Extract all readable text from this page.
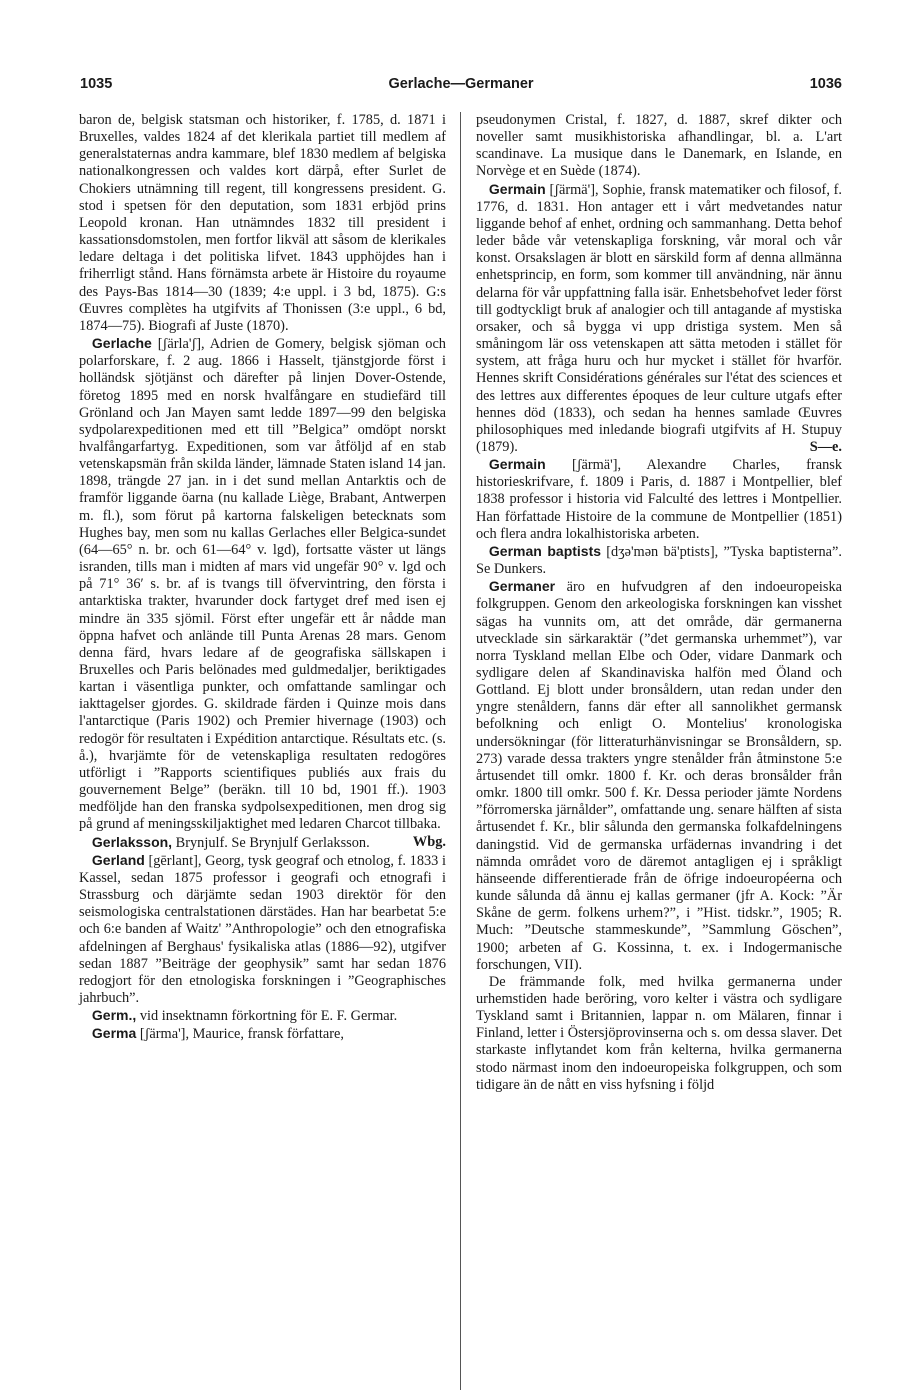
1035	Gerlache—Germaner	1036

baron de, belgisk statsman och historiker, f. 1785, d. 1871 i Bruxelles, valdes 1824 af det klerikala partiet till medlem af generalstaternas andra kammare, blef 1830 medlem af belgiska nationalkongressen och valdes kort därpå, efter Surlet de Chokiers utnämning till regent, till kongressens president. G. stod i spetsen för den deputation, som 1831 erbjöd prins Leopold kronan. Han utnämndes 1832 till president i kassationsdomstolen, men fortfor likväl att såsom de klerikales ledare deltaga i det politiska lifvet. 1843 upphöjdes han i friherrligt stånd. Hans förnämsta arbete är Histoire du royaume des Pays-Bas 1814—30 (1839; 4:e uppl. i 3 bd, 1875). G:s Œuvres complètes ha utgifvits af Thonissen (3:e uppl., 6 bd, 1874—75). Biografi af Juste (1870).

Gerlache [ʃärla'ʃ], Adrien de Gomery, belgisk sjöman och polarforskare, f. 2 aug. 1866 i Hasselt, tjänstgjorde först i holländsk sjötjänst och därefter på linjen Dover-Ostende, företog 1895 med en norsk hvalfångare en studiefärd till Grönland och Jan Mayen samt ledde 1897—99 den belgiska sydpolarexpeditionen med ett till ”Belgica” omdöpt norskt hvalfångarfartyg. Expeditionen, som var åtföljd af en stab vetenskapsmän från skilda länder, lämnade Staten island 14 jan. 1898, trängde 27 jan. in i det sund mellan Antarktis och de framför liggande öarna (nu kallade Liège, Brabant, Antwerpen m. fl.), som förut på kartorna falskeligen betecknats som Hughes bay, men som nu kallas Gerlaches eller Belgica-sundet (64—65° n. br. och 61—64° v. lgd), fortsatte väster ut längs isranden, tills man i midten af mars vid ungefär 90° v. lgd och på 71° 36′ s. br. af is tvangs till öfvervintring, den första i antarktiska trakter, hvarunder dock fartyget dref med isen ej mindre än 335 sjömil. Först efter ungefär ett år nådde man öppna hafvet och anlände till Punta Arenas 28 mars. Genom denna färd, hvars ledare af de geografiska sällskapen i Bruxelles och Paris belönades med guldmedaljer, beriktigades kartan i väsentliga punkter, och omfattande samlingar och iakttagelser gjordes. G. skildrade färden i Quinze mois dans l'antarctique (Paris 1902) och Premier hivernage (1903) och redogör för resultaten i Expédition antarctique. Résultats etc. (s. å.), hvarjämte för de vetenskapliga resultaten redogöres utförligt i ”Rapports scientifiques publiés aux frais du gouvernement Belge” (beräkn. till 10 bd, 1901 ff.). 1903 medföljde han den franska sydpolsexpeditionen, men drog sig på grund af meningsskiljaktighet med ledaren Charcot tillbaka.
Wbg.

Gerlaksson, Brynjulf. Se Brynjulf Gerlaksson.

Gerland [gērlant], Georg, tysk geograf och etnolog, f. 1833 i Kassel, sedan 1875 professor i geografi och etnografi i Strassburg och därjämte sedan 1903 direktör för den seismologiska centralstationen därstädes. Han har bearbetat 5:e och 6:e banden af Waitz' ”Anthropologie” och den etnografiska afdelningen af Berghaus' fysikaliska atlas (1886—92), utgifver sedan 1887 ”Beiträge der geophysik” samt har sedan 1876 redogjort för den etnologiska forskningen i ”Geographisches jahrbuch”.

Germ., vid insektnamn förkortning för E. F. Germar.

Germa [ʃärma'], Maurice, fransk författare,

pseudonymen Cristal, f. 1827, d. 1887, skref dikter och noveller samt musikhistoriska afhandlingar, bl. a. L'art scandinave. La musique dans le Danemark, en Islande, en Norvège et en Suède (1874).

Germain [ʃärmä'], Sophie, fransk matematiker och filosof, f. 1776, d. 1831. Hon antager ett i vårt medvetandes natur liggande behof af enhet, ordning och sammanhang. Detta behof leder både vår vetenskapliga forskning, vår moral och vår konst. Orsakslagen är blott en särskild form af denna allmänna enhetsprincip, en form, som kommer till användning, när ännu delarna för vår uppfattning falla isär. Enhetsbehofvet leder först till godtyckligt bruk af analogier och till antagande af mystiska orsaker, och så bygga vi upp dristiga system. Men så småningom lär oss vetenskapen att sätta metoden i stället för system, att fråga huru och hur mycket i stället för hvarför. Hennes skrift Considérations générales sur l'état des sciences et des lettres aux differentes époques de leur culture utgafs efter hennes död (1833), och sedan ha hennes samlade Œuvres philosophiques med inledande biografi utgifvits af H. Stupuy (1879).	S—e.

Germain [ʃärmä'], Alexandre Charles, fransk historieskrifvare, f. 1809 i Paris, d. 1887 i Montpellier, blef 1838 professor i historia vid Falculté des lettres i Montpellier. Han författade Histoire de la commune de Montpellier (1851) och flera andra lokalhistoriska arbeten.

German baptists [dʒə'mən bä'ptists], ”Tyska baptisterna”. Se Dunkers.

Germaner äro en hufvudgren af den indoeuropeiska folkgruppen. Genom den arkeologiska forskningen kan visshet sägas ha vunnits om, att det område, där germanerna utvecklade sin särkaraktär (”det germanska urhemmet”), var norra Tyskland mellan Elbe och Oder, vidare Danmark och sydligare delen af Skandinaviska halfön med Öland och Gottland. Ej blott under bronsåldern, utan redan under den yngre stenåldern, fanns där efter all sannolikhet germansk befolkning och enligt O. Montelius' kronologiska undersökningar (för litteraturhänvisningar se Bronsåldern, sp. 273) varade dessa trakters yngre stenålder från åtminstone 5:e årtusendet till omkr. 1800 f. Kr. och deras bronsålder från omkr. 1800 till omkr. 500 f. Kr. Dessa perioder jämte Nordens ”förromerska järnålder”, omfattande ung. senare hälften af sista årtusendet f. Kr., blir sålunda den germanska folkafdelningens daningstid. Vid de germanska urfädernas invandring i det nämnda området voro de däremot antagligen ej i språkligt hänseende differentierade från de öfrige indoeuropéerna och kunde sålunda då ännu ej kallas germaner (jfr A. Kock: ”Är Skåne de germ. folkens urhem?”, i ”Hist. tidskr.”, 1905; R. Much: ”Deutsche stammeskunde”, ”Sammlung Göschen”, 1900; arbeten af G. Kossinna, t. ex. i Indogermanische forschungen, VII).

De främmande folk, med hvilka germanerna under urhemstiden hade beröring, voro kelter i västra och sydligare Tyskland samt i Britannien, lappar n. om Mälaren, finnar i Finland, letter i Östersjöprovinserna och s. om dessa slaver. Det starkaste inflytandet kom från kelterna, hvilka germanerna stodo närmast inom den indoeuropeiska folkgruppen, och som tidigare än de nått en viss hyfsning i följd
